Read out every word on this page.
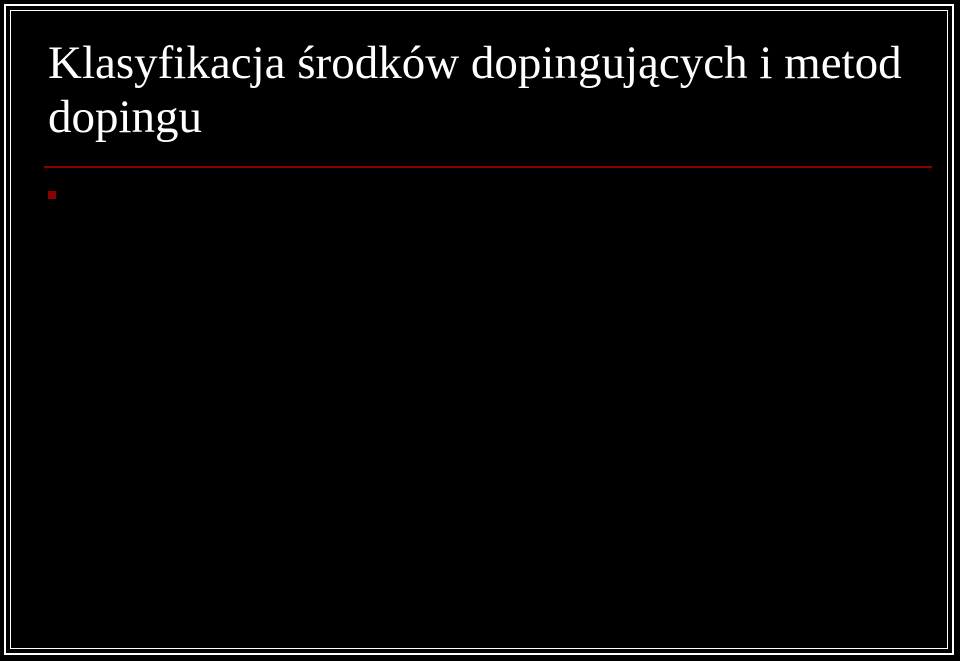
Klasyfikacja środków dopingujących i metod dopingu
KLASY ŚRODKÓW DOPINGUJĄCYCH
A. Środki pobudzające – stymulanty
min. amfetamina, efedryna, kokaina
B. Narkotyczne środki przeciwbólowe
min. morfina, petydyna
C. Środki anaboliczne
1.Steroidy anaboliczne – androgenne
min. nandrolon, stanozolol, testosteron
2. Inne środki anaboliczne np.klenbuterol
D. Środki moczopędne
min.furosemid, hydrochlorotiazyd
E. Hormony peptydowe i glikoproteinowe
min.Gh, ACTH, EPO
